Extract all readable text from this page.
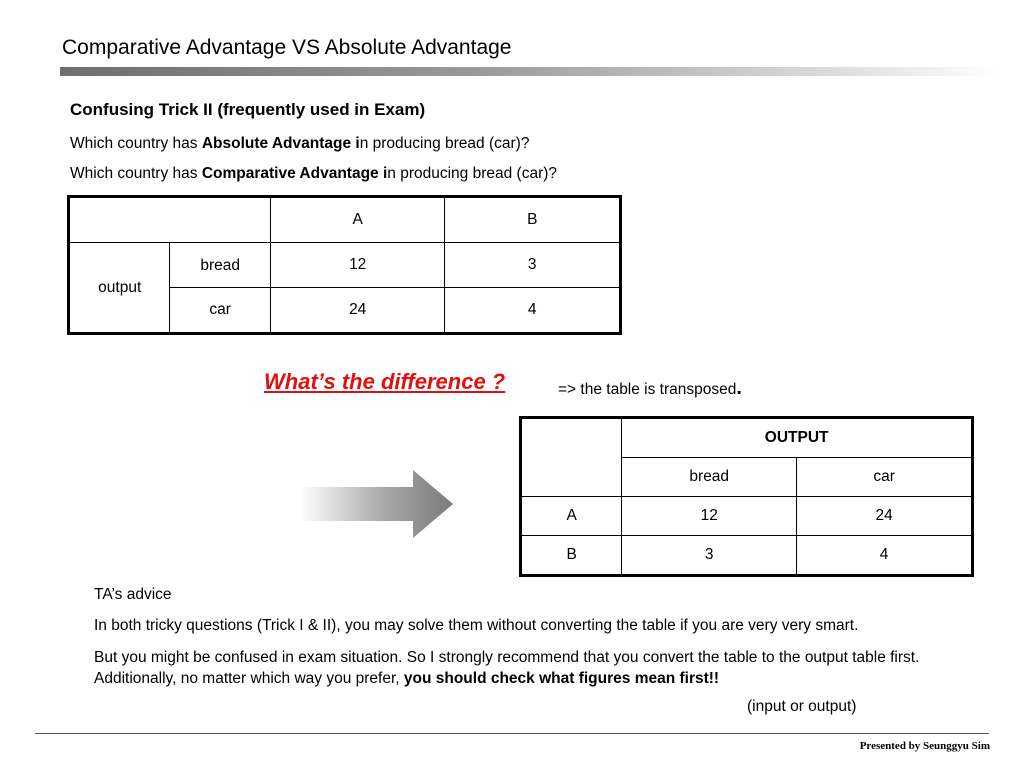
Comparative Advantage VS Absolute Advantage
Confusing Trick II (frequently used in Exam)
Which country has Absolute Advantage in producing bread (car)?
Which country has Comparative Advantage in producing bread (car)?
		A	B
output	bread	12	3
	car	24	4
What’s the difference ?	=> the table is transposed.
	OUTPUT	
	bread	car
A	12	24
B	3	4
TA’s advice
In both tricky questions (Trick I & II), you may solve them without converting the table if you are very very smart.
But you might be confused in exam situation. So I strongly recommend that you convert the table to the output table first. Additionally, no matter which way you prefer, you should check what figures mean first!!
(input or output)
Presented by Seunggyu Sim
